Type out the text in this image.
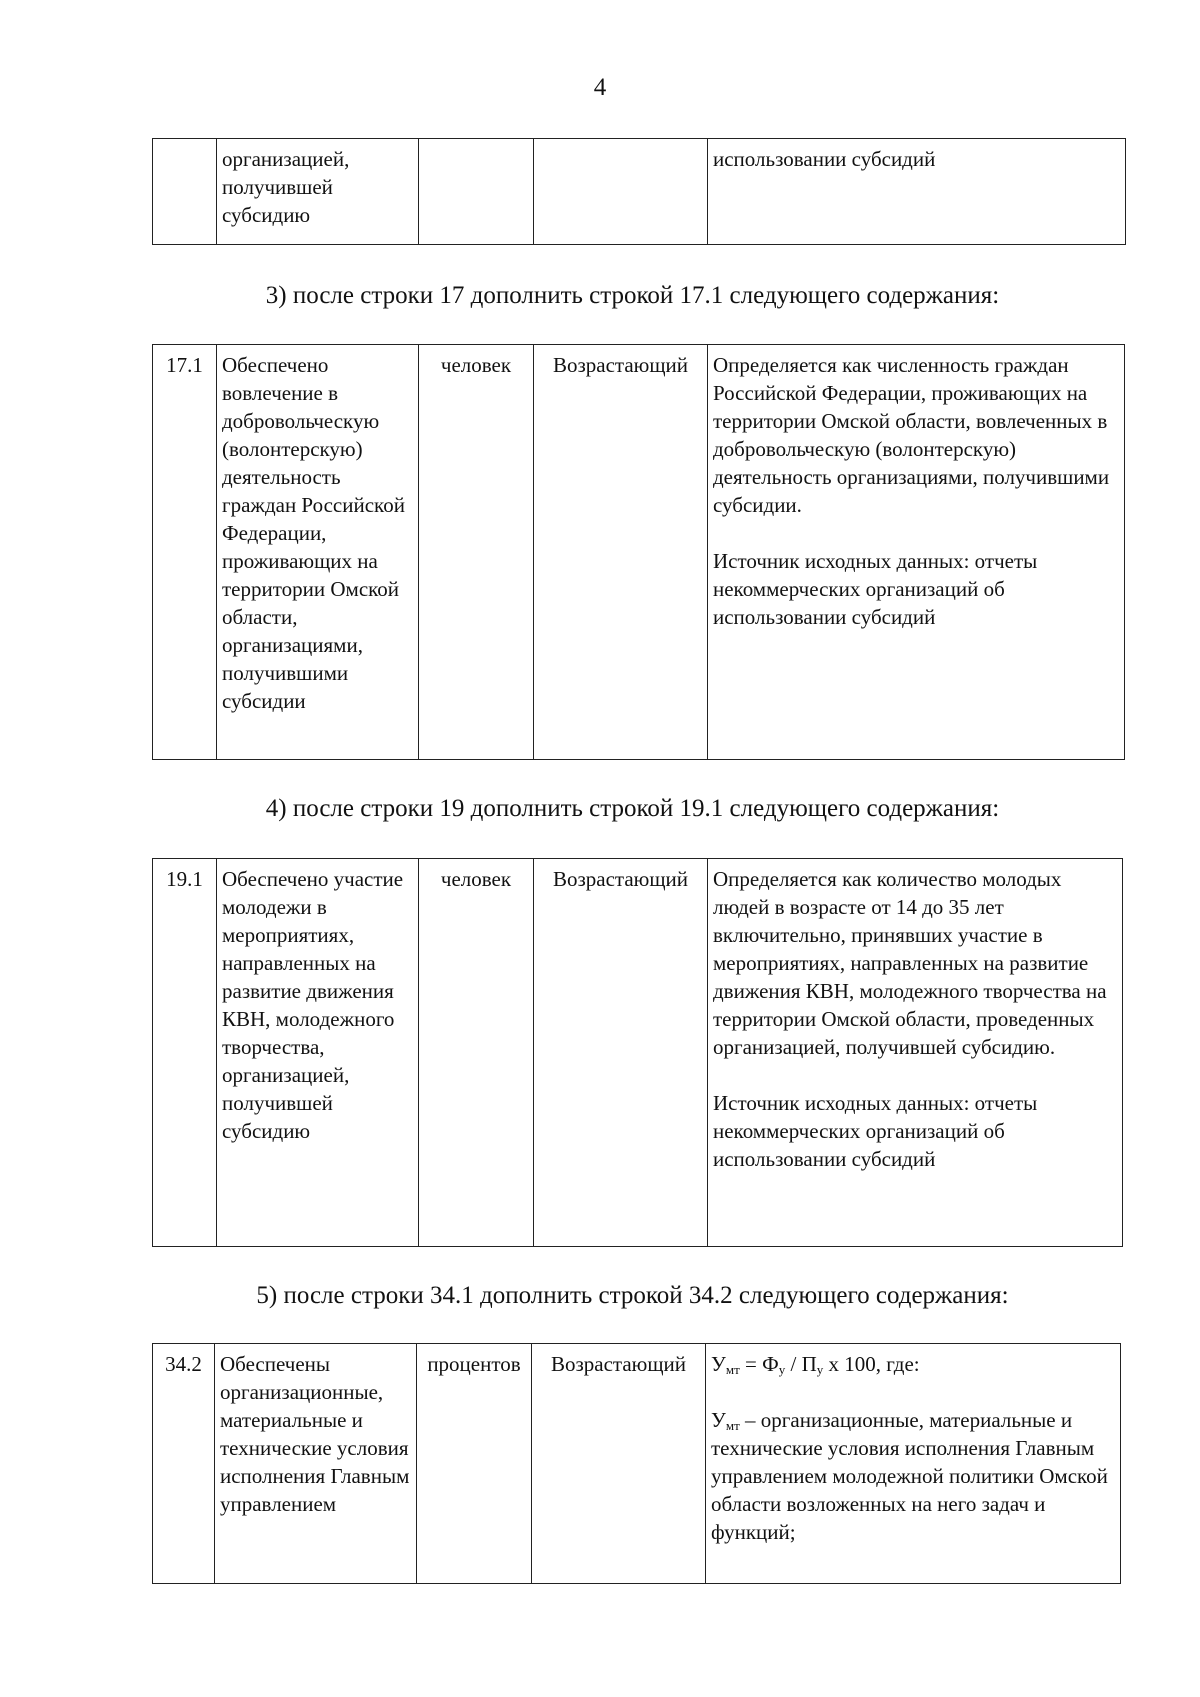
4
	организацией, получившей субсидию			использовании субсидий
3) после строки 17 дополнить строкой 17.1 следующего содержания:
17.1	Обеспечено вовлечение в добровольческую (волонтерскую) деятельность граждан Российской Федерации, проживающих на территории Омской области, организациями, получившими субсидии	человек	Возрастающий	Определяется как численность граждан Российской Федерации, проживающих на территории Омской области, вовлеченных в добровольческую (волонтерскую) деятельность организациями, получившими субсидии.
Источник исходных данных: отчеты некоммерческих организаций об использовании субсидий
4) после строки 19 дополнить строкой 19.1 следующего содержания:
19.1	Обеспечено участие молодежи в мероприятиях, направленных на развитие движения КВН, молодежного творчества, организацией, получившей субсидию	человек	Возрастающий	Определяется как количество молодых людей в возрасте от 14 до 35 лет включительно, принявших участие в мероприятиях, направленных на развитие движения КВН, молодежного творчества на территории Омской области, проведенных организацией, получившей субсидию.
Источник исходных данных: отчеты некоммерческих организаций об использовании субсидий
5) после строки 34.1 дополнить строкой 34.2 следующего содержания:
34.2	Обеспечены организационные, материальные и технические условия исполнения Главным управлением	процентов	Возрастающий	$У_{мт} = Ф_у / П_у$ x 100, где:
$У_{мт}$ – организационные, материальные и технические условия исполнения Главным управлением молодежной политики Омской области возложенных на него задач и функций;
